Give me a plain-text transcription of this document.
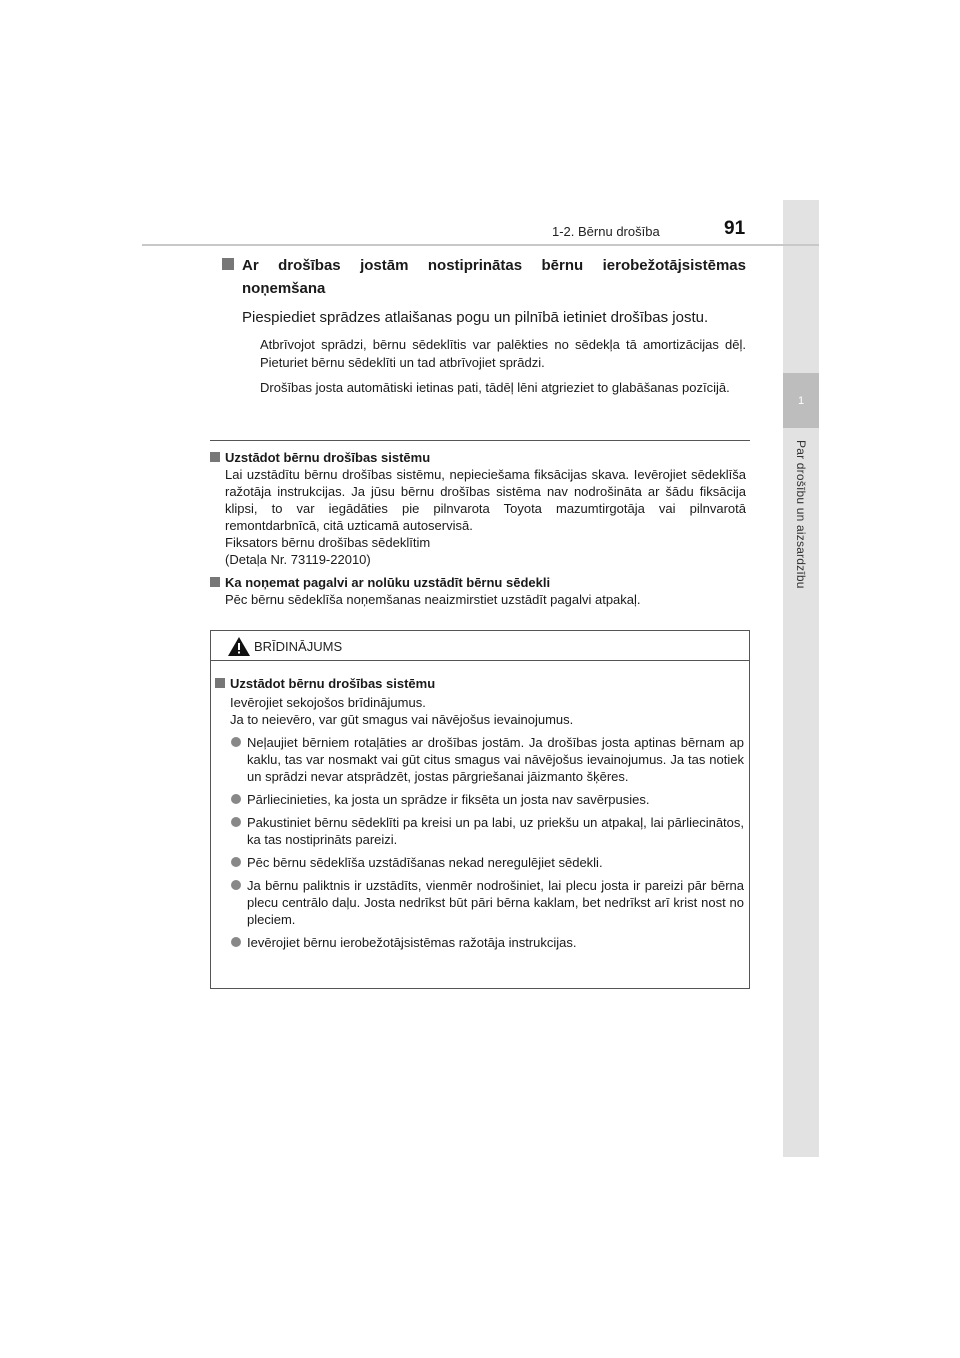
1
Par drošību un aizsardzību
1-2. Bērnu drošība	91
Ar drošības jostām nostiprinātas bērnu ierobežotājsistēmas noņemšana
Piespiediet sprādzes atlaišanas pogu un pilnībā ietiniet drošības jostu.
Atbrīvojot sprādzi, bērnu sēdeklītis var palēkties no sēdekļa tā amortizācijas dēļ. Pieturiet bērnu sēdeklīti un tad atbrīvojiet sprādzi.
Drošības josta automātiski ietinas pati, tādēļ lēni atgrieziet to glabāšanas pozīcijā.
Uzstādot bērnu drošības sistēmu
Lai uzstādītu bērnu drošības sistēmu, nepieciešama fiksācijas skava. Ievērojiet sēdeklīša ražotāja instrukcijas. Ja jūsu bērnu drošības sistēma nav nodrošināta ar šādu fiksācija klipsi, to var iegādāties pie pilnvarota Toyota mazumtirgotāja vai pilnvarotā remontdarbnīcā, citā uzticamā autoservisā.
Fiksators bērnu drošības sēdeklītim
(Detaļa Nr. 73119-22010)
Ka noņemat pagalvi ar nolūku uzstādīt bērnu sēdekli
Pēc bērnu sēdeklīša noņemšanas neaizmirstiet uzstādīt pagalvi atpakaļ.
BRĪDINĀJUMS
Uzstādot bērnu drošības sistēmu
Ievērojiet sekojošos brīdinājumus.
Ja to neievēro, var gūt smagus vai nāvējošus ievainojumus.
Neļaujiet bērniem rotaļāties ar drošības jostām. Ja drošības josta aptinas bērnam ap kaklu, tas var nosmakt vai gūt citus smagus vai nāvējošus ievainojumus. Ja tas notiek un sprādzi nevar atsprādzēt, jostas pārgriešanai jāizmanto šķēres.
Pārliecinieties, ka josta un sprādze ir fiksēta un josta nav savērpusies.
Pakustiniet bērnu sēdeklīti pa kreisi un pa labi, uz priekšu un atpakaļ, lai pārliecinātos, ka tas nostiprināts pareizi.
Pēc bērnu sēdeklīša uzstādīšanas nekad neregulējiet sēdekli.
Ja bērnu paliktnis ir uzstādīts, vienmēr nodrošiniet, lai plecu josta ir pareizi pār bērna plecu centrālo daļu. Josta nedrīkst būt pāri bērna kaklam, bet nedrīkst arī krist nost no pleciem.
Ievērojiet bērnu ierobežotājsistēmas ražotāja instrukcijas.
